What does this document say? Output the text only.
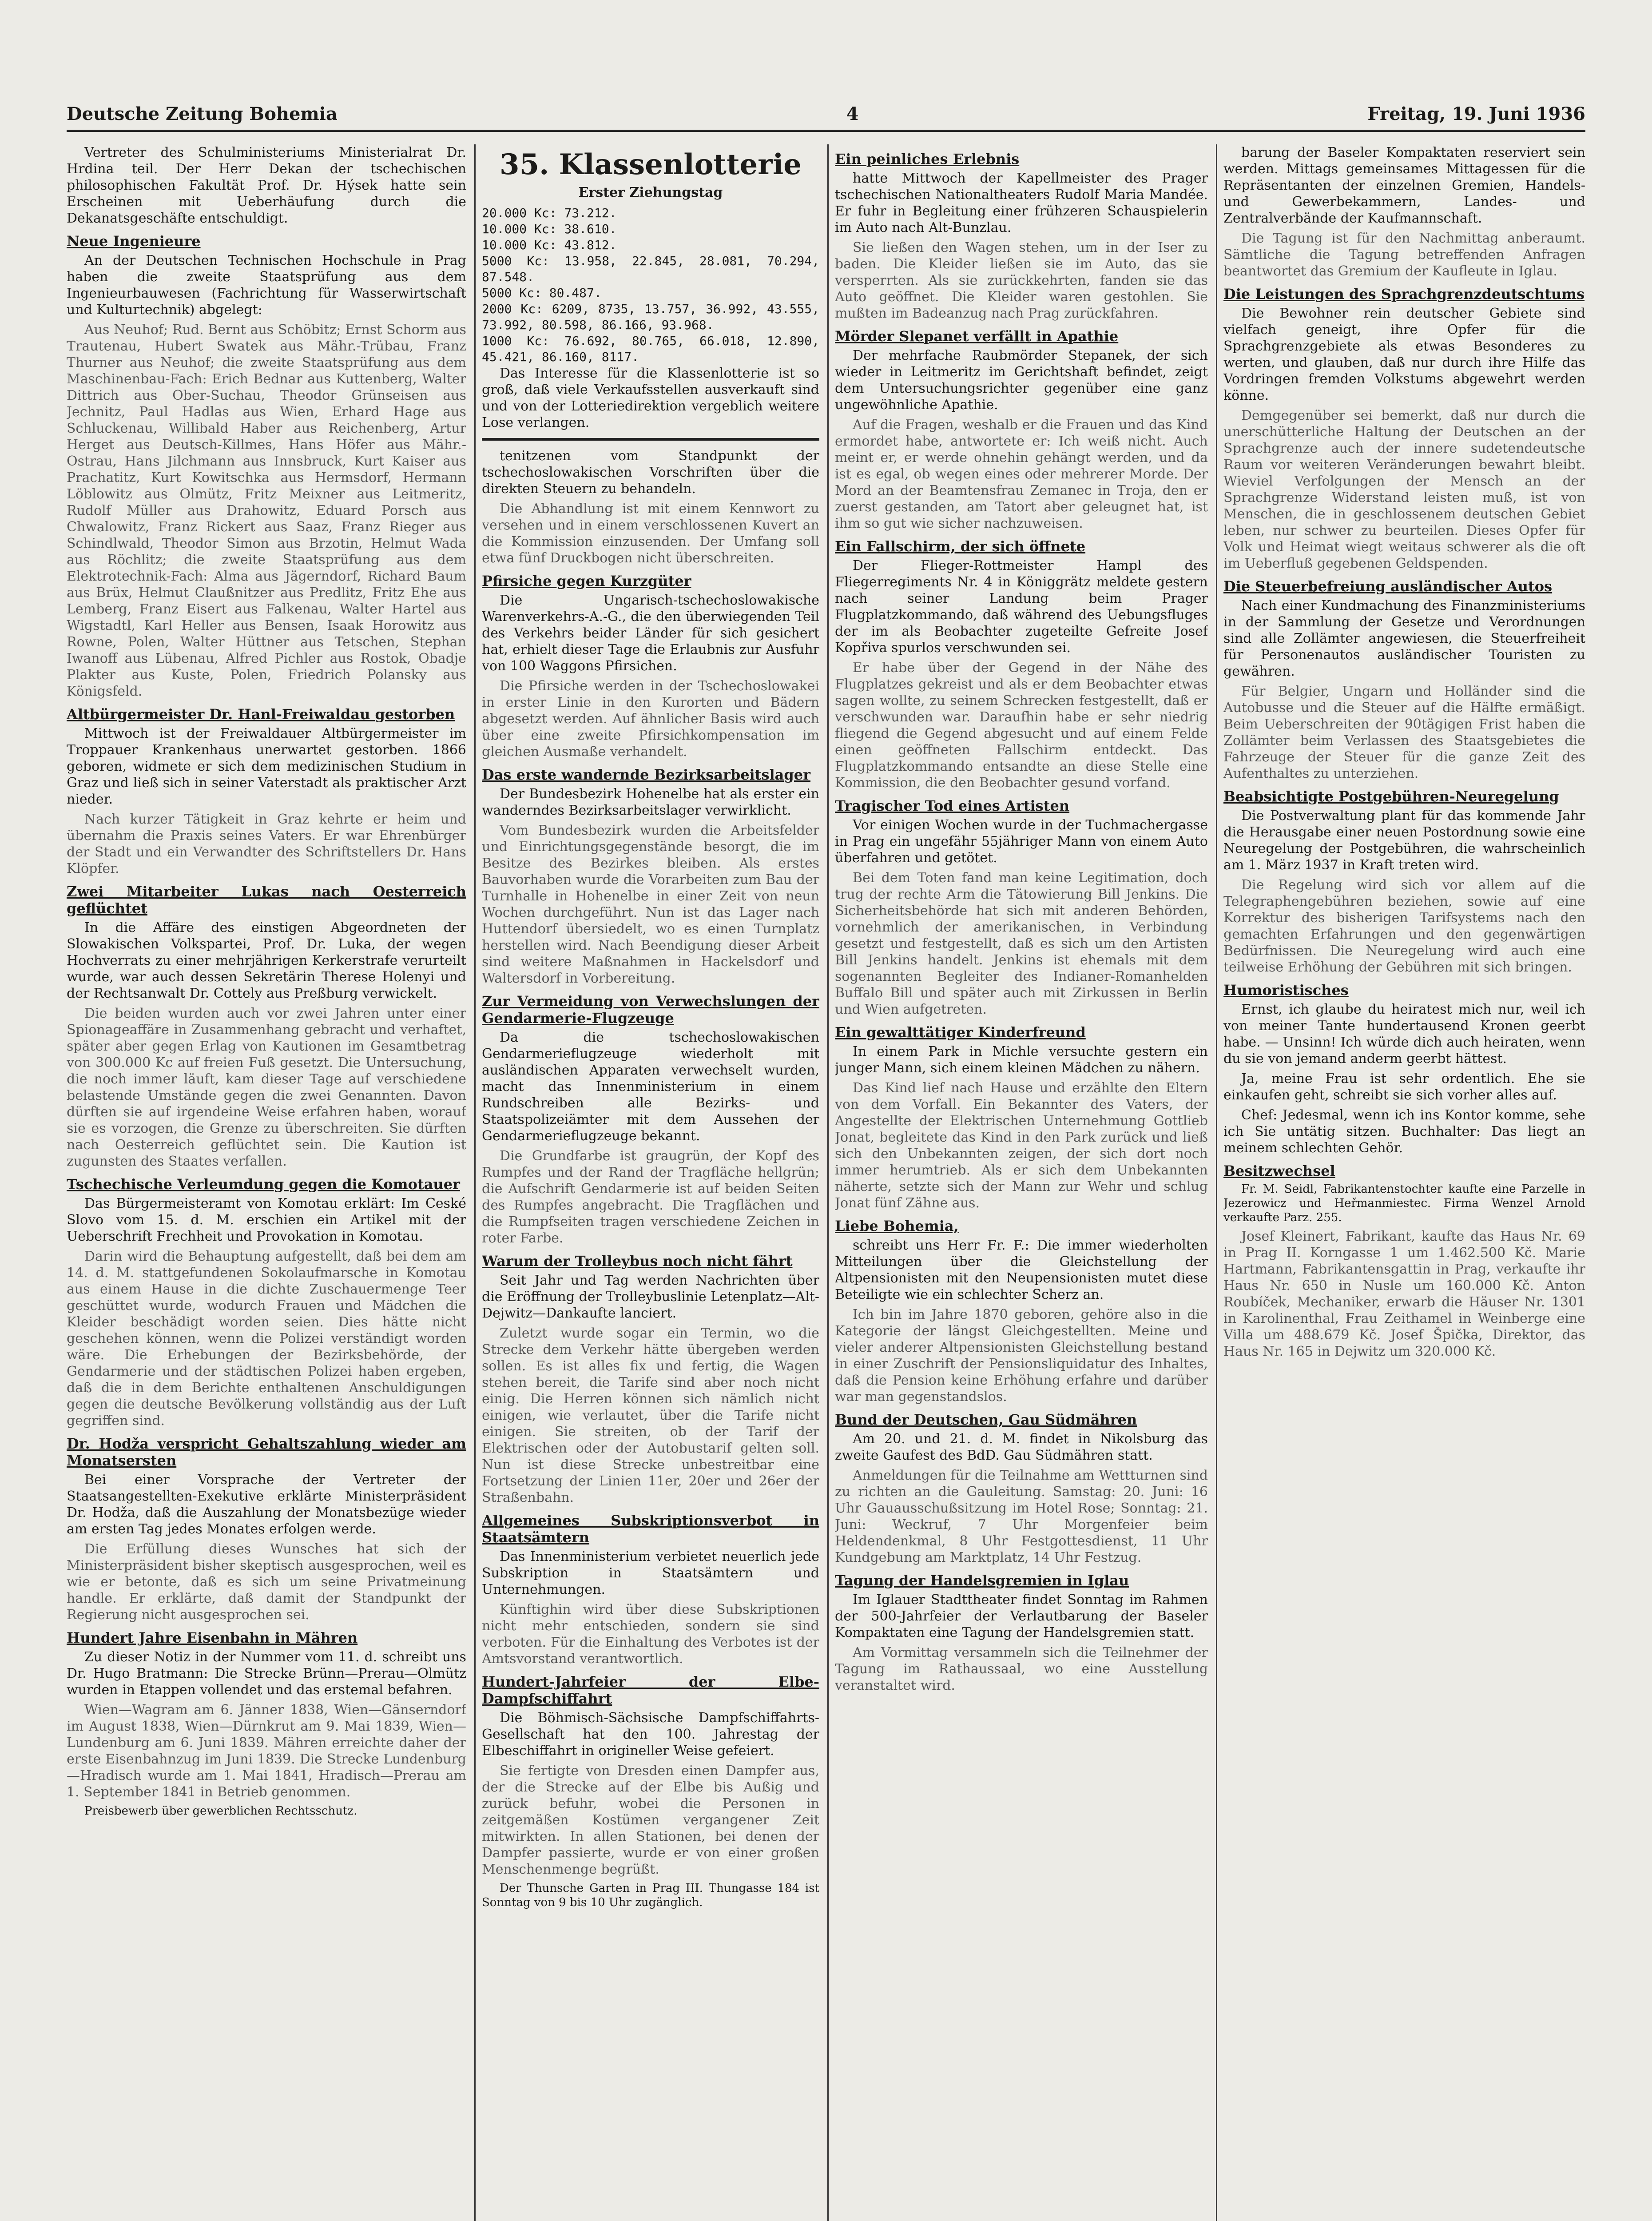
Deutsche Zeitung Bohemia	4	Freitag, 19. Juni 1936

Vertreter des Schulministeriums Ministerialrat Dr. Hrdina teil. Der Herr Dekan der tschechischen philosophischen Fakultät Prof. Dr. Hýsek hatte sein Erscheinen mit Ueberhäufung durch die Dekanatsgeschäfte entschuldigt.

Neue Ingenieure

An der Deutschen Technischen Hochschule in Prag haben die zweite Staatsprüfung aus dem Ingenieurbauwesen (Fachrichtung für Wasserwirtschaft und Kulturtechnik) abgelegt:

Aus Neuhof; Rud. Bernt aus Schöbitz; Ernst Schorm aus Trautenau, Hubert Swatek aus Mähr.-Trübau, Franz Thurner aus Neuhof; die zweite Staatsprüfung aus dem Maschinenbau-Fach: Erich Bednar aus Kuttenberg, Walter Dittrich aus Ober-Suchau, Theodor Grünseisen aus Jechnitz, Paul Hadlas aus Wien, Erhard Hage aus Schluckenau, Willibald Haber aus Reichenberg, Artur Herget aus Deutsch-Killmes, Hans Höfer aus Mähr.-Ostrau, Hans Jilchmann aus Innsbruck, Kurt Kaiser aus Prachatitz, Kurt Kowitschka aus Hermsdorf, Hermann Löblowitz aus Olmütz, Fritz Meixner aus Leitmeritz, Rudolf Müller aus Drahowitz, Eduard Porsch aus Chwalowitz, Franz Rickert aus Saaz, Franz Rieger aus Schindlwald, Theodor Simon aus Brzotin, Helmut Wada aus Röchlitz; die zweite Staatsprüfung aus dem Elektrotechnik-Fach: Alma aus Jägerndorf, Richard Baum aus Brüx, Helmut Claußnitzer aus Predlitz, Fritz Ehe aus Lemberg, Franz Eisert aus Falkenau, Walter Hartel aus Wigstadtl, Karl Heller aus Bensen, Isaak Horowitz aus Rowne, Polen, Walter Hüttner aus Tetschen, Stephan Iwanoff aus Lübenau, Alfred Pichler aus Rostok, Obadje Plakter aus Kuste, Polen, Friedrich Polansky aus Königsfeld.

Altbürgermeister Dr. Hanl-Freiwaldau gestorben

Mittwoch ist der Freiwaldauer Altbürgermeister im Troppauer Krankenhaus unerwartet gestorben. 1866 geboren, widmete er sich dem medizinischen Studium in Graz und ließ sich in seiner Vaterstadt als praktischer Arzt nieder.

Nach kurzer Tätigkeit in Graz kehrte er heim und übernahm die Praxis seines Vaters. Er war Ehrenbürger der Stadt und ein Verwandter des Schriftstellers Dr. Hans Klöpfer.

Zwei Mitarbeiter Lukas nach Oesterreich geflüchtet

In die Affäre des einstigen Abgeordneten der Slowakischen Volkspartei, Prof. Dr. Luka, der wegen Hochverrats zu einer mehrjährigen Kerkerstrafe verurteilt wurde, war auch dessen Sekretärin Therese Holenyi und der Rechtsanwalt Dr. Cottely aus Preßburg verwickelt.

Die beiden wurden auch vor zwei Jahren unter einer Spionageaffäre in Zusammenhang gebracht und verhaftet, später aber gegen Erlag von Kautionen im Gesamtbetrag von 300.000 Kc auf freien Fuß gesetzt. Die Untersuchung, die noch immer läuft, kam dieser Tage auf verschiedene belastende Umstände gegen die zwei Genannten. Davon dürften sie auf irgendeine Weise erfahren haben, worauf sie es vorzogen, die Grenze zu überschreiten. Sie dürften nach Oesterreich geflüchtet sein. Die Kaution ist zugunsten des Staates verfallen.

Tschechische Verleumdung gegen die Komotauer

Das Bürgermeisteramt von Komotau erklärt: Im Ceské Slovo vom 15. d. M. erschien ein Artikel mit der Ueberschrift Frechheit und Provokation in Komotau.

Darin wird die Behauptung aufgestellt, daß bei dem am 14. d. M. stattgefundenen Sokolaufmarsche in Komotau aus einem Hause in die dichte Zuschauermenge Teer geschüttet wurde, wodurch Frauen und Mädchen die Kleider beschädigt worden seien. Dies hätte nicht geschehen können, wenn die Polizei verständigt worden wäre. Die Erhebungen der Bezirksbehörde, der Gendarmerie und der städtischen Polizei haben ergeben, daß die in dem Berichte enthaltenen Anschuldigungen gegen die deutsche Bevölkerung vollständig aus der Luft gegriffen sind.

Dr. Hodža verspricht Gehaltszahlung wieder am Monatsersten

Bei einer Vorsprache der Vertreter der Staatsangestellten-Exekutive erklärte Ministerpräsident Dr. Hodža, daß die Auszahlung der Monatsbezüge wieder am ersten Tag jedes Monates erfolgen werde.

Die Erfüllung dieses Wunsches hat sich der Ministerpräsident bisher skeptisch ausgesprochen, weil es wie er betonte, daß es sich um seine Privatmeinung handle. Er erklärte, daß damit der Standpunkt der Regierung nicht ausgesprochen sei.

Hundert Jahre Eisenbahn in Mähren

Zu dieser Notiz in der Nummer vom 11. d. schreibt uns Dr. Hugo Bratmann: Die Strecke Brünn—Prerau—Olmütz wurden in Etappen vollendet und das erstemal befahren.

Wien—Wagram am 6. Jänner 1838, Wien—Gänserndorf im August 1838, Wien—Dürnkrut am 9. Mai 1839, Wien—Lundenburg am 6. Juni 1839. Mähren erreichte daher der erste Eisenbahnzug im Juni 1839. Die Strecke Lundenburg—Hradisch wurde am 1. Mai 1841, Hradisch—Prerau am 1. September 1841 in Betrieb genommen.

Preisbewerb über gewerblichen Rechtsschutz.

35. Klassenlotterie
Erster Ziehungstag
20.000 Kc: 73.212.
10.000 Kc: 38.610.
10.000 Kc: 43.812.
5000 Kc: 13.958, 22.845, 28.081, 70.294, 87.548.
5000 Kc: 80.487.
2000 Kc: 6209, 8735, 13.757, 36.992, 43.555, 73.992, 80.598, 86.166, 93.968.
1000 Kc: 76.692, 80.765, 66.018, 12.890, 45.421, 86.160, 8117.

Das Interesse für die Klassenlotterie ist so groß, daß viele Verkaufsstellen ausverkauft sind und von der Lotteriedirektion vergeblich weitere Lose verlangen.

tenitzenen vom Standpunkt der tschechoslowakischen Vorschriften über die direkten Steuern zu behandeln.

Die Abhandlung ist mit einem Kennwort zu versehen und in einem verschlossenen Kuvert an die Kommission einzusenden. Der Umfang soll etwa fünf Druckbogen nicht überschreiten.

Pfirsiche gegen Kurzgüter

Die Ungarisch-tschechoslowakische Warenverkehrs-A.-G., die den überwiegenden Teil des Verkehrs beider Länder für sich gesichert hat, erhielt dieser Tage die Erlaubnis zur Ausfuhr von 100 Waggons Pfirsichen.

Die Pfirsiche werden in der Tschechoslowakei in erster Linie in den Kurorten und Bädern abgesetzt werden. Auf ähnlicher Basis wird auch über eine zweite Pfirsichkompensation im gleichen Ausmaße verhandelt.

Das erste wandernde Bezirksarbeitslager

Der Bundesbezirk Hohenelbe hat als erster ein wanderndes Bezirksarbeitslager verwirklicht.

Vom Bundesbezirk wurden die Arbeitsfelder und Einrichtungsgegenstände besorgt, die im Besitze des Bezirkes bleiben. Als erstes Bauvorhaben wurde die Vorarbeiten zum Bau der Turnhalle in Hohenelbe in einer Zeit von neun Wochen durchgeführt. Nun ist das Lager nach Huttendorf übersiedelt, wo es einen Turnplatz herstellen wird. Nach Beendigung dieser Arbeit sind weitere Maßnahmen in Hackelsdorf und Waltersdorf in Vorbereitung.

Zur Vermeidung von Verwechslungen der Gendarmerie-Flugzeuge

Da die tschechoslowakischen Gendarmerieflugzeuge wiederholt mit ausländischen Apparaten verwechselt wurden, macht das Innenministerium in einem Rundschreiben alle Bezirks- und Staatspolizeiämter mit dem Aussehen der Gendarmerieflugzeuge bekannt.

Die Grundfarbe ist graugrün, der Kopf des Rumpfes und der Rand der Tragfläche hellgrün; die Aufschrift Gendarmerie ist auf beiden Seiten des Rumpfes angebracht. Die Tragflächen und die Rumpfseiten tragen verschiedene Zeichen in roter Farbe.

Warum der Trolleybus noch nicht fährt

Seit Jahr und Tag werden Nachrichten über die Eröffnung der Trolleybuslinie Letenplatz—Alt-Dejwitz—Dankaufte lanciert.

Zuletzt wurde sogar ein Termin, wo die Strecke dem Verkehr hätte übergeben werden sollen. Es ist alles fix und fertig, die Wagen stehen bereit, die Tarife sind aber noch nicht einig. Die Herren können sich nämlich nicht einigen, wie verlautet, über die Tarife nicht einigen. Sie streiten, ob der Tarif der Elektrischen oder der Autobustarif gelten soll. Nun ist diese Strecke unbestreitbar eine Fortsetzung der Linien 11er, 20er und 26er der Straßenbahn.

Allgemeines Subskriptionsverbot in Staatsämtern

Das Innenministerium verbietet neuerlich jede Subskription in Staatsämtern und Unternehmungen.

Künftighin wird über diese Subskriptionen nicht mehr entschieden, sondern sie sind verboten. Für die Einhaltung des Verbotes ist der Amtsvorstand verantwortlich.

Hundert-Jahrfeier der Elbe-Dampfschiffahrt

Die Böhmisch-Sächsische Dampfschiffahrts-Gesellschaft hat den 100. Jahrestag der Elbeschiffahrt in origineller Weise gefeiert.

Sie fertigte von Dresden einen Dampfer aus, der die Strecke auf der Elbe bis Außig und zurück befuhr, wobei die Personen in zeitgemäßen Kostümen vergangener Zeit mitwirkten. In allen Stationen, bei denen der Dampfer passierte, wurde er von einer großen Menschenmenge begrüßt.

Der Thunsche Garten in Prag III. Thungasse 184 ist Sonntag von 9 bis 10 Uhr zugänglich.

Ein peinliches Erlebnis

hatte Mittwoch der Kapellmeister des Prager tschechischen Nationaltheaters Rudolf Maria Mandée. Er fuhr in Begleitung einer frühzeren Schauspielerin im Auto nach Alt-Bunzlau.

Sie ließen den Wagen stehen, um in der Iser zu baden. Die Kleider ließen sie im Auto, das sie versperrten. Als sie zurückkehrten, fanden sie das Auto geöffnet. Die Kleider waren gestohlen. Sie mußten im Badeanzug nach Prag zurückfahren.

Mörder Slepanet verfällt in Apathie

Der mehrfache Raubmörder Stepanek, der sich wieder in Leitmeritz im Gerichtshaft befindet, zeigt dem Untersuchungsrichter gegenüber eine ganz ungewöhnliche Apathie.

Auf die Fragen, weshalb er die Frauen und das Kind ermordet habe, antwortete er: Ich weiß nicht. Auch meint er, er werde ohnehin gehängt werden, und da ist es egal, ob wegen eines oder mehrerer Morde. Der Mord an der Beamtensfrau Zemanec in Troja, den er zuerst gestanden, am Tatort aber geleugnet hat, ist ihm so gut wie sicher nachzuweisen.

Ein Fallschirm, der sich öffnete

Der Flieger-Rottmeister Hampl des Fliegerregiments Nr. 4 in Königgrätz meldete gestern nach seiner Landung beim Prager Flugplatzkommando, daß während des Uebungsfluges der im als Beobachter zugeteilte Gefreite Josef Kopřiva spurlos verschwunden sei.

Er habe über der Gegend in der Nähe des Flugplatzes gekreist und als er dem Beobachter etwas sagen wollte, zu seinem Schrecken festgestellt, daß er verschwunden war. Daraufhin habe er sehr niedrig fliegend die Gegend abgesucht und auf einem Felde einen geöffneten Fallschirm entdeckt. Das Flugplatzkommando entsandte an diese Stelle eine Kommission, die den Beobachter gesund vorfand.

Tragischer Tod eines Artisten

Vor einigen Wochen wurde in der Tuchmachergasse in Prag ein ungefähr 55jähriger Mann von einem Auto überfahren und getötet.

Bei dem Toten fand man keine Legitimation, doch trug der rechte Arm die Tätowierung Bill Jenkins. Die Sicherheitsbehörde hat sich mit anderen Behörden, vornehmlich der amerikanischen, in Verbindung gesetzt und festgestellt, daß es sich um den Artisten Bill Jenkins handelt. Jenkins ist ehemals mit dem sogenannten Begleiter des Indianer-Romanhelden Buffalo Bill und später auch mit Zirkussen in Berlin und Wien aufgetreten.

Ein gewalttätiger Kinderfreund

In einem Park in Michle versuchte gestern ein junger Mann, sich einem kleinen Mädchen zu nähern.

Das Kind lief nach Hause und erzählte den Eltern von dem Vorfall. Ein Bekannter des Vaters, der Angestellte der Elektrischen Unternehmung Gottlieb Jonat, begleitete das Kind in den Park zurück und ließ sich den Unbekannten zeigen, der sich dort noch immer herumtrieb. Als er sich dem Unbekannten näherte, setzte sich der Mann zur Wehr und schlug Jonat fünf Zähne aus.

Liebe Bohemia,

schreibt uns Herr Fr. F.: Die immer wiederholten Mitteilungen über die Gleichstellung der Altpensionisten mit den Neupensionisten mutet diese Beteiligte wie ein schlechter Scherz an.

Ich bin im Jahre 1870 geboren, gehöre also in die Kategorie der längst Gleichgestellten. Meine und vieler anderer Altpensionisten Gleichstellung bestand in einer Zuschrift der Pensionsliquidatur des Inhaltes, daß die Pension keine Erhöhung erfahre und darüber war man gegenstandslos.

Bund der Deutschen, Gau Südmähren

Am 20. und 21. d. M. findet in Nikolsburg das zweite Gaufest des BdD. Gau Südmähren statt.

Anmeldungen für die Teilnahme am Wettturnen sind zu richten an die Gauleitung. Samstag: 20. Juni: 16 Uhr Gauausschußsitzung im Hotel Rose; Sonntag: 21. Juni: Weckruf, 7 Uhr Morgenfeier beim Heldendenkmal, 8 Uhr Festgottesdienst, 11 Uhr Kundgebung am Marktplatz, 14 Uhr Festzug.

Tagung der Handelsgremien in Iglau

Im Iglauer Stadttheater findet Sonntag im Rahmen der 500-Jahrfeier der Verlautbarung der Baseler Kompaktaten eine Tagung der Handelsgremien statt.

Am Vormittag versammeln sich die Teilnehmer der Tagung im Rathaussaal, wo eine Ausstellung veranstaltet wird.

barung der Baseler Kompaktaten reserviert sein werden. Mittags gemeinsames Mittagessen für die Repräsentanten der einzelnen Gremien, Handels- und Gewerbekammern, Landes- und Zentralverbände der Kaufmannschaft.

Die Tagung ist für den Nachmittag anberaumt. Sämtliche die Tagung betreffenden Anfragen beantwortet das Gremium der Kaufleute in Iglau.

Die Leistungen des Sprachgrenzdeutschtums

Die Bewohner rein deutscher Gebiete sind vielfach geneigt, ihre Opfer für die Sprachgrenzgebiete als etwas Besonderes zu werten, und glauben, daß nur durch ihre Hilfe das Vordringen fremden Volkstums abgewehrt werden könne.

Demgegenüber sei bemerkt, daß nur durch die unerschütterliche Haltung der Deutschen an der Sprachgrenze auch der innere sudetendeutsche Raum vor weiteren Veränderungen bewahrt bleibt. Wieviel Verfolgungen der Mensch an der Sprachgrenze Widerstand leisten muß, ist von Menschen, die in geschlossenem deutschen Gebiet leben, nur schwer zu beurteilen. Dieses Opfer für Volk und Heimat wiegt weitaus schwerer als die oft im Ueberfluß gegebenen Geldspenden.

Die Steuerbefreiung ausländischer Autos

Nach einer Kundmachung des Finanzministeriums in der Sammlung der Gesetze und Verordnungen sind alle Zollämter angewiesen, die Steuerfreiheit für Personenautos ausländischer Touristen zu gewähren.

Für Belgier, Ungarn und Holländer sind die Autobusse und die Steuer auf die Hälfte ermäßigt. Beim Ueberschreiten der 90tägigen Frist haben die Zollämter beim Verlassen des Staatsgebietes die Fahrzeuge der Steuer für die ganze Zeit des Aufenthaltes zu unterziehen.

Beabsichtigte Postgebühren-Neuregelung

Die Postverwaltung plant für das kommende Jahr die Herausgabe einer neuen Postordnung sowie eine Neuregelung der Postgebühren, die wahrscheinlich am 1. März 1937 in Kraft treten wird.

Die Regelung wird sich vor allem auf die Telegraphengebühren beziehen, sowie auf eine Korrektur des bisherigen Tarifsystems nach den gemachten Erfahrungen und den gegenwärtigen Bedürfnissen. Die Neuregelung wird auch eine teilweise Erhöhung der Gebühren mit sich bringen.

Humoristisches

Ernst, ich glaube du heiratest mich nur, weil ich von meiner Tante hundertausend Kronen geerbt habe. — Unsinn! Ich würde dich auch heiraten, wenn du sie von jemand anderm geerbt hättest.

Ja, meine Frau ist sehr ordentlich. Ehe sie einkaufen geht, schreibt sie sich vorher alles auf.

Chef: Jedesmal, wenn ich ins Kontor komme, sehe ich Sie untätig sitzen. Buchhalter: Das liegt an meinem schlechten Gehör.

Besitzwechsel

Fr. M. Seidl, Fabrikantenstochter kaufte eine Parzelle in Jezerowicz und Heřmanmiestec. Firma Wenzel Arnold verkaufte Parz. 255.

Josef Kleinert, Fabrikant, kaufte das Haus Nr. 69 in Prag II. Korngasse 1 um 1.462.500 Kč. Marie Hartmann, Fabrikantensgattin in Prag, verkaufte ihr Haus Nr. 650 in Nusle um 160.000 Kč. Anton Roubíček, Mechaniker, erwarb die Häuser Nr. 1301 in Karolinenthal, Frau Zeithamel in Weinberge eine Villa um 488.679 Kč. Josef Špička, Direktor, das Haus Nr. 165 in Dejwitz um 320.000 Kč.
